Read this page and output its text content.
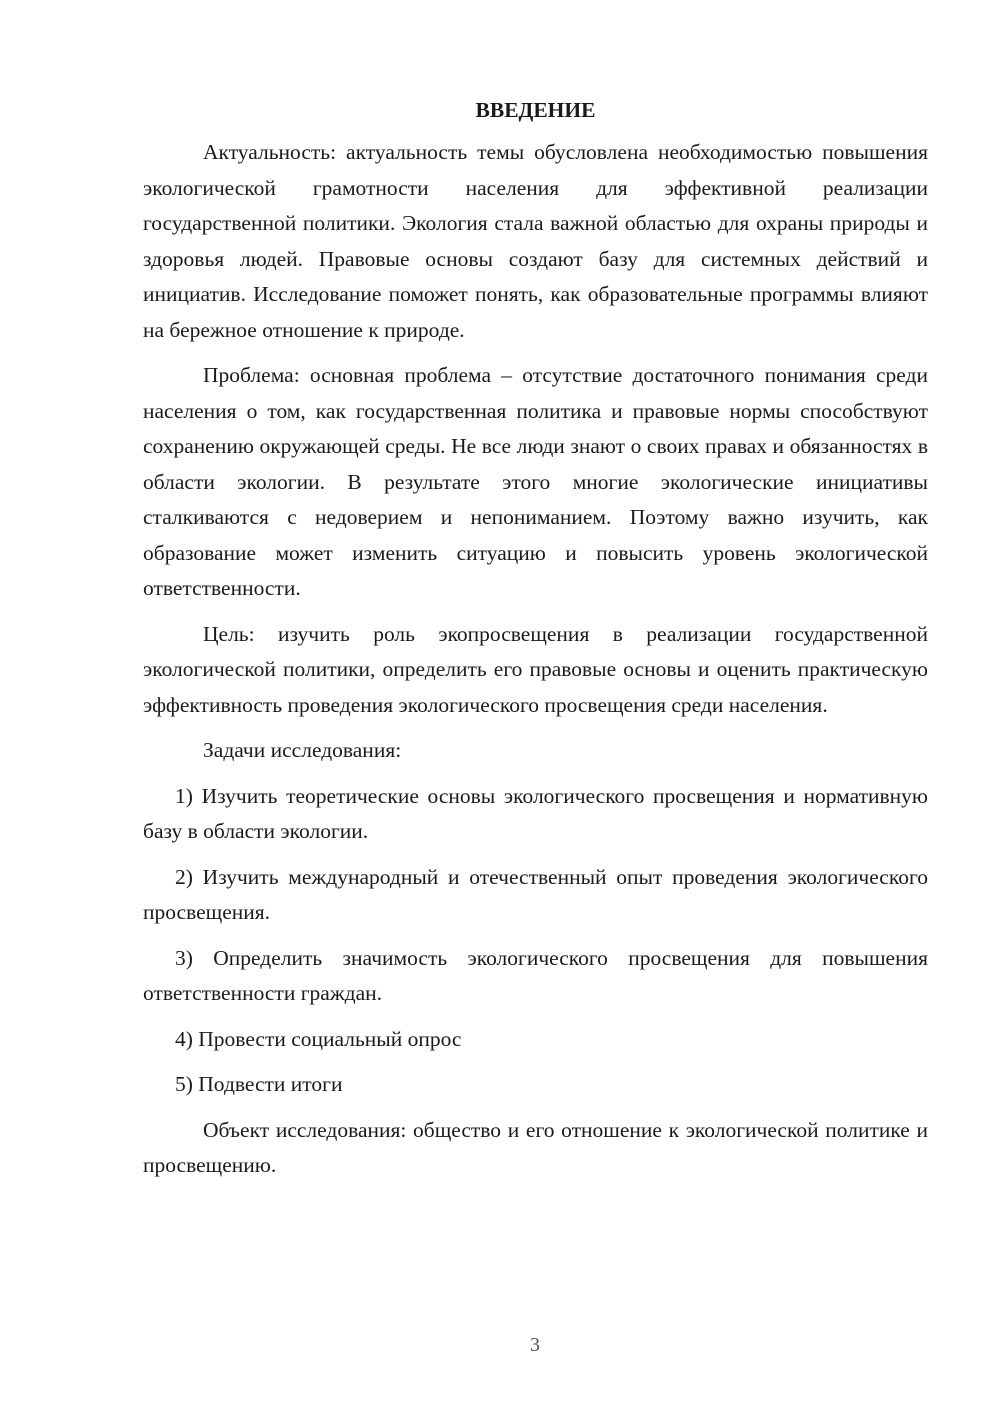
ВВЕДЕНИЕ

Актуальность: актуальность темы обусловлена необходимостью повышения экологической грамотности населения для эффективной реализации государственной политики. Экология стала важной областью для охраны природы и здоровья людей. Правовые основы создают базу для системных действий и инициатив. Исследование поможет понять, как образовательные программы влияют на бережное отношение к природе.

Проблема: основная проблема – отсутствие достаточного понимания среди населения о том, как государственная политика и правовые нормы способствуют сохранению окружающей среды. Не все люди знают о своих правах и обязанностях в области экологии. В результате этого многие экологические инициативы сталкиваются с недоверием и непониманием. Поэтому важно изучить, как образование может изменить ситуацию и повысить уровень экологической ответственности.

Цель: изучить роль экопросвещения в реализации государственной экологической политики, определить его правовые основы и оценить практическую эффективность проведения экологического просвещения среди населения.

Задачи исследования:

1) Изучить теоретические основы экологического просвещения и нормативную базу в области экологии.

2) Изучить международный и отечественный опыт проведения экологического просвещения.

3) Определить значимость экологического просвещения для повышения ответственности граждан.

4) Провести социальный опрос

5) Подвести итоги

Объект исследования: общество и его отношение к экологической политике и просвещению.

3
